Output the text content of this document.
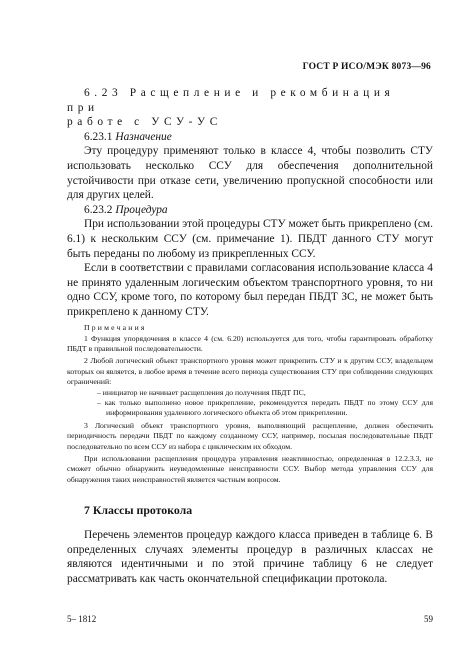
ГОСТ Р ИСО/МЭК 8073—96

6.23 Расщепление и рекомбинация при

работе с УСУ-УС

6.23.1 Назначение

Эту процедуру применяют только в классе 4, чтобы позволить СТУ использовать несколько ССУ для обеспечения дополнительной устойчивости при отказе сети, увеличению пропускной способности или для других целей.

6.23.2 Процедура

При использовании этой процедуры СТУ может быть прикреплено (см. 6.1) к нескольким ССУ (см. примечание 1). ПБДТ данного СТУ могут быть переданы по любому из прикрепленных ССУ.

Если в соответствии с правилами согласования использование класса 4 не принято удаленным логическим объектом транспортного уровня, то ни одно ССУ, кроме того, по которому был передан ПБДТ ЗС, не может быть прикреплено к данному СТУ.

Примечания

1 Функция упорядочения в классе 4 (см. 6.20) используется для того, чтобы гарантировать обработку ПБДТ в правильной последовательности.

2 Любой логический объект транспортного уровня может прикрепить СТУ и к другим ССУ, владельцем которых он является, в любое время в течение всего периода существования СТУ при соблюдении следующих ограничений:

– инициатор не начинает расщепления до получения ПБДТ ПС,

– как только выполнено новое прикрепление, рекомендуется передать ПБДТ по этому ССУ для информирования удаленного логического объекта об этом прикреплении.

3 Логический объект транспортного уровня, выполняющий расщепление, должен обеспечить периодичность передачи ПБДТ по каждому созданному ССУ, например, посылая последовательные ПБДТ последовательно по всем ССУ из набора с циклическим их обходом.

При использовании расщепления процедура управления неактивностью, определенная в 12.2.3.3, не сможет обычно обнаружить неуведомленные неисправности ССУ. Выбор метода управления ССУ для обнаружения таких неисправностей является частным вопросом.

7 Классы протокола

Перечень элементов процедур каждого класса приведен в таблице 6. В определенных случаях элементы процедур в различных классах не являются идентичными и по этой причине таблицу 6 не следует рассматривать как часть окончательной спецификации протокола.

5– 1812	59
